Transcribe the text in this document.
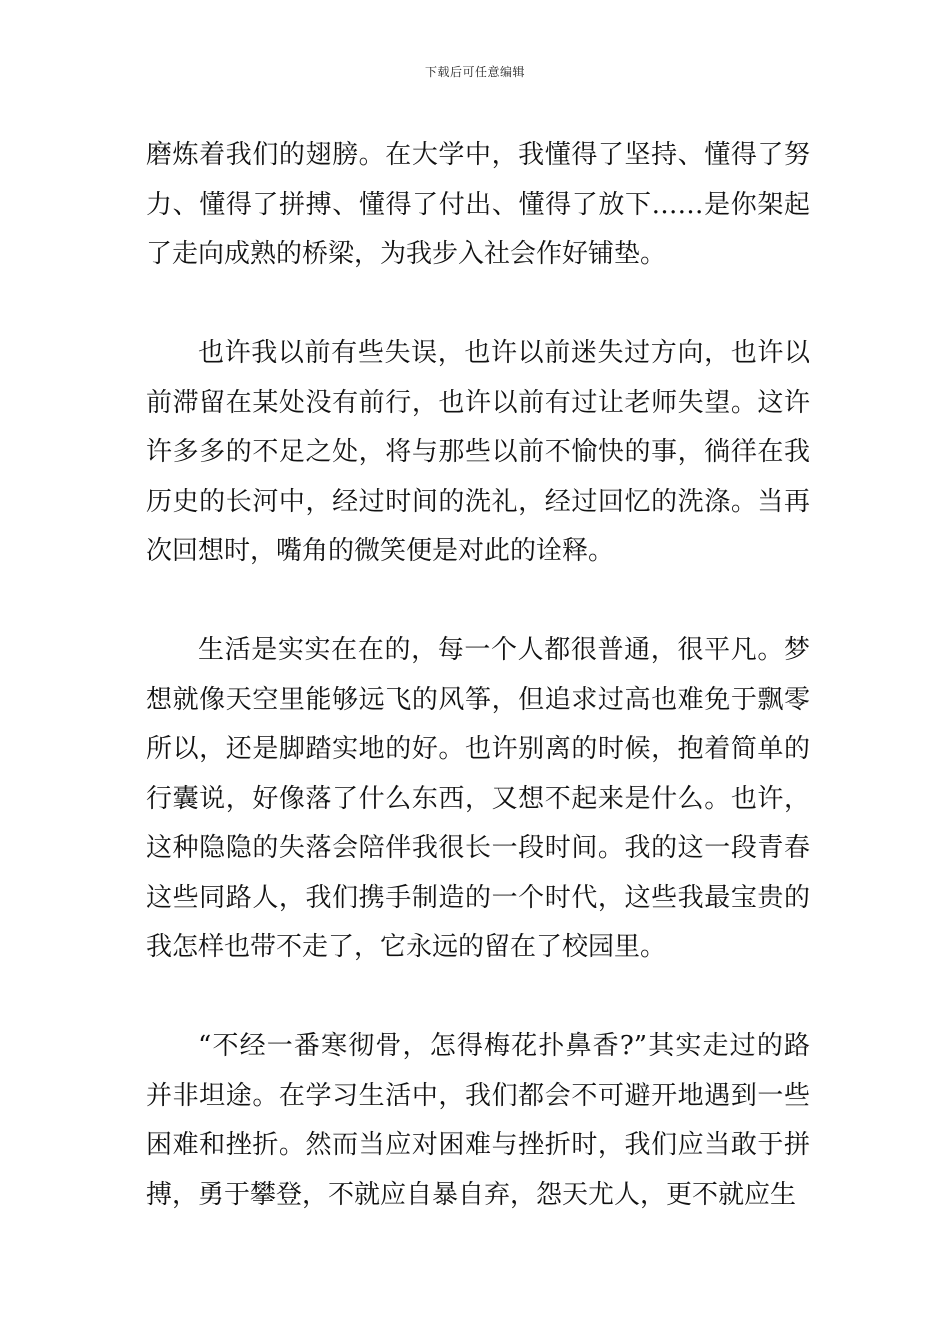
下载后可任意编辑

磨炼着我们的翅膀。在大学中，我懂得了坚持、懂得了努力、懂得了拼搏、懂得了付出、懂得了放下……是你架起了走向成熟的桥梁，为我步入社会作好铺垫。

也许我以前有些失误，也许以前迷失过方向，也许以前滞留在某处没有前行，也许以前有过让老师失望。这许许多多的不足之处，将与那些以前不愉快的事，徜徉在我历史的长河中，经过时间的洗礼，经过回忆的洗涤。当再次回想时，嘴角的微笑便是对此的诠释。

生活是实实在在的，每一个人都很普通，很平凡。梦想就像天空里能够远飞的风筝，但追求过高也难免于飘零所以，还是脚踏实地的好。也许别离的时候，抱着简单的行囊说，好像落了什么东西，又想不起来是什么。也许，这种隐隐的失落会陪伴我很长一段时间。我的这一段青春这些同路人，我们携手制造的一个时代，这些我最宝贵的我怎样也带不走了，它永远的留在了校园里。

“不经一番寒彻骨，怎得梅花扑鼻香?”其实走过的路并非坦途。在学习生活中，我们都会不可避开地遇到一些困难和挫折。然而当应对困难与挫折时，我们应当敢于拼搏，勇于攀登，不就应自暴自弃，怨天尤人，更不就应生
